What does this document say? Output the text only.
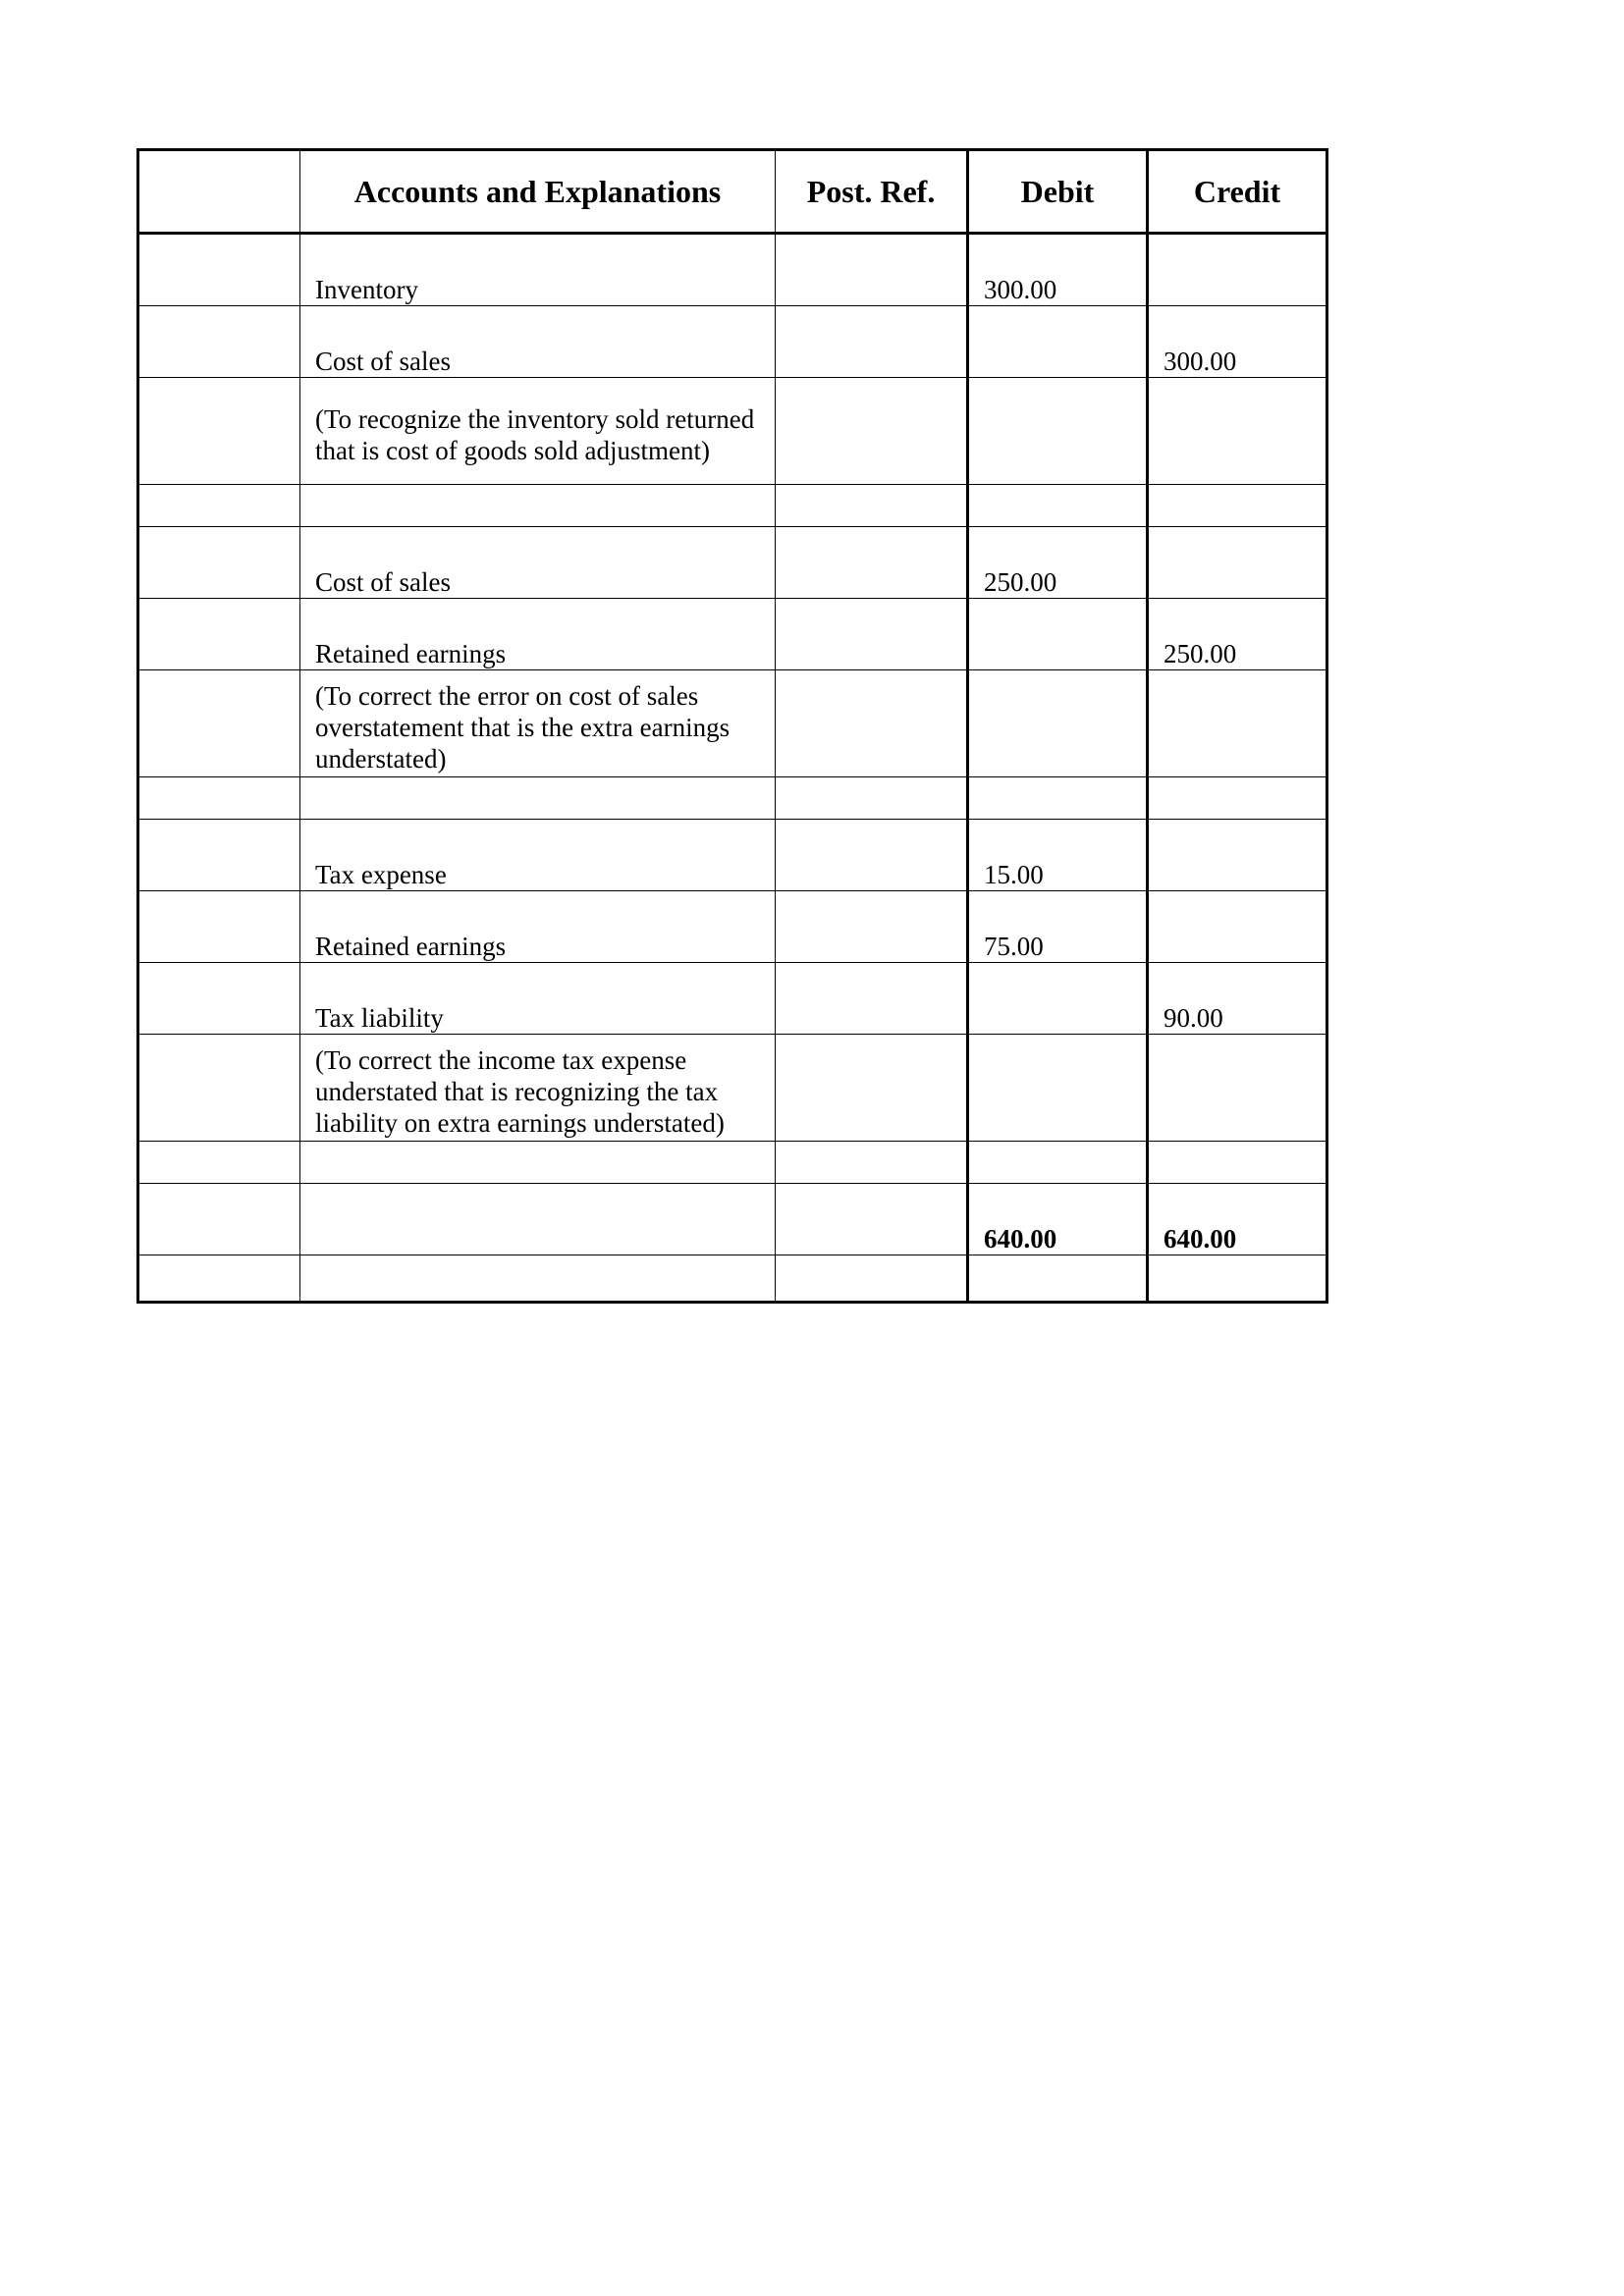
	Accounts and Explanations	Post. Ref.	Debit	Credit
	Inventory		300.00	
	Cost of sales			300.00

	(To recognize the inventory sold returned that is cost of goods sold adjustment)			

	Cost of sales		250.00	
	Retained earnings			250.00

	(To correct the error on cost of sales overstatement that is the extra earnings understated)			

	Tax expense		15.00	
	Retained earnings		75.00	
	Tax liability			90.00

	(To correct the income tax expense understated that is recognizing the tax liability on extra earnings understated)			

			640.00	640.00
